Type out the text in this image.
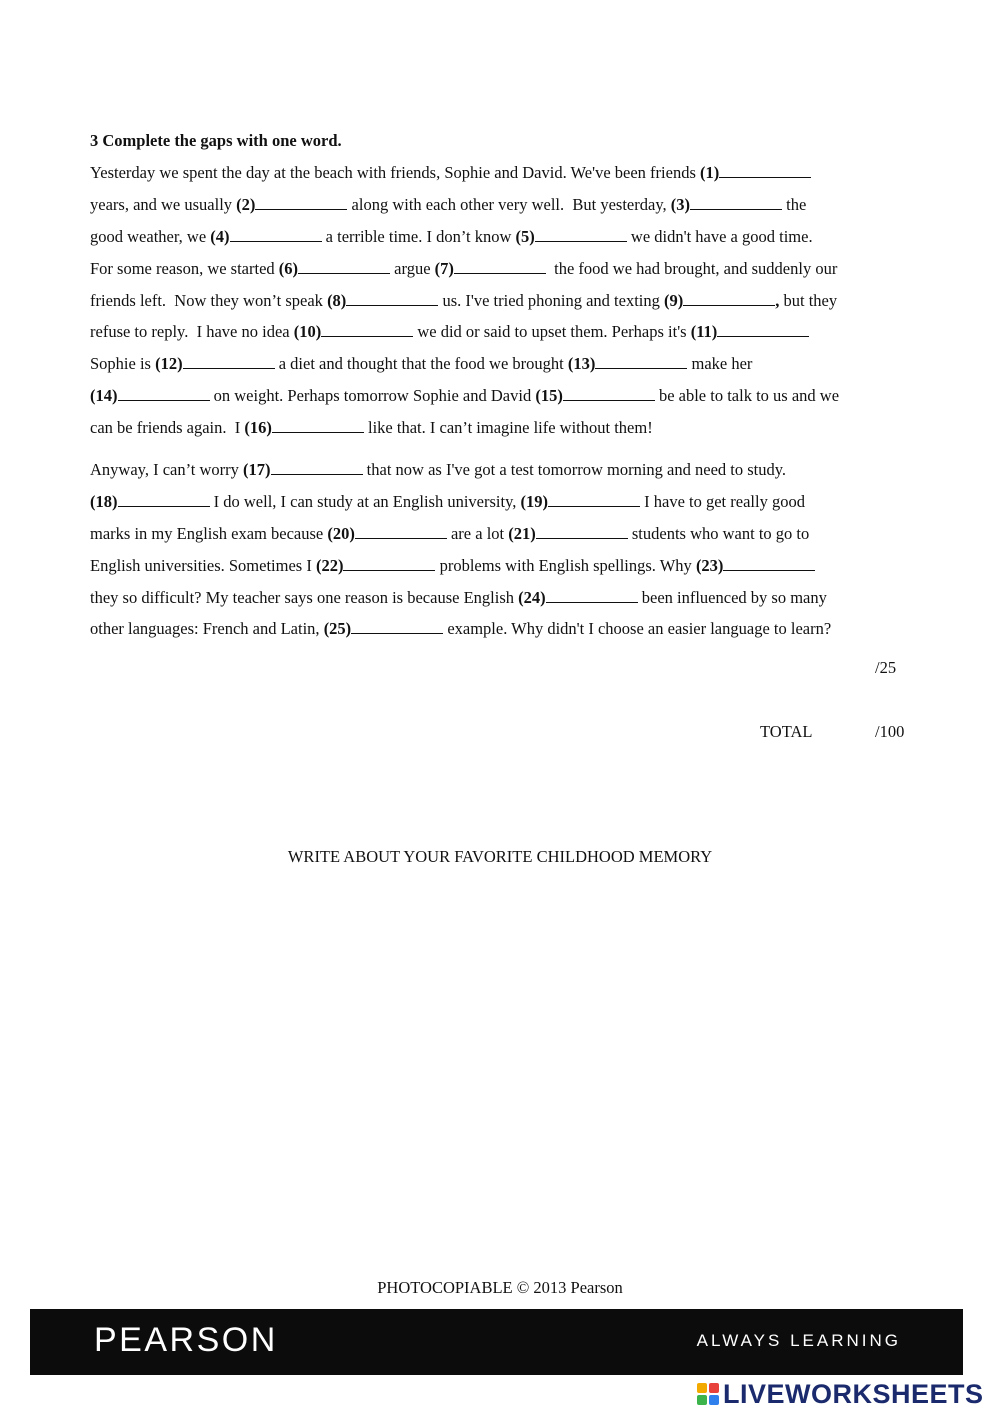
3 Complete the gaps with one word.
Yesterday we spent the day at the beach with friends, Sophie and David. We've been friends (1)
years, and we usually (2)	along with each other very well.  But yesterday, (3)	the
good weather, we (4)	a terrible time. I don’t know (5)	we didn't have a good time.
For some reason, we started (6)	argue (7)	the food we had brought, and suddenly our
friends left.  Now they won’t speak (8)	us. I've tried phoning and texting (9)	, but they
refuse to reply.  I have no idea (10)	we did or said to upset them. Perhaps it's (11)
Sophie is (12)	a diet and thought that the food we brought (13)	make her
(14)	on weight. Perhaps tomorrow Sophie and David (15)	be able to talk to us and we
can be friends again.  I (16)	like that. I can’t imagine life without them!
Anyway, I can’t worry (17)	that now as I've got a test tomorrow morning and need to study.
(18)	I do well, I can study at an English university, (19)	I have to get really good
marks in my English exam because (20)	are a lot (21)	students who want to go to
English universities. Sometimes I (22)	problems with English spellings. Why (23)
they so difficult? My teacher says one reason is because English (24)	been influenced by so many
other languages: French and Latin, (25)	example. Why didn't I choose an easier language to learn?
/25
TOTAL	/100
WRITE ABOUT YOUR FAVORITE CHILDHOOD MEMORY
PHOTOCOPIABLE © 2013 Pearson
PEARSON	ALWAYS LEARNING
LIVEWORKSHEETS
